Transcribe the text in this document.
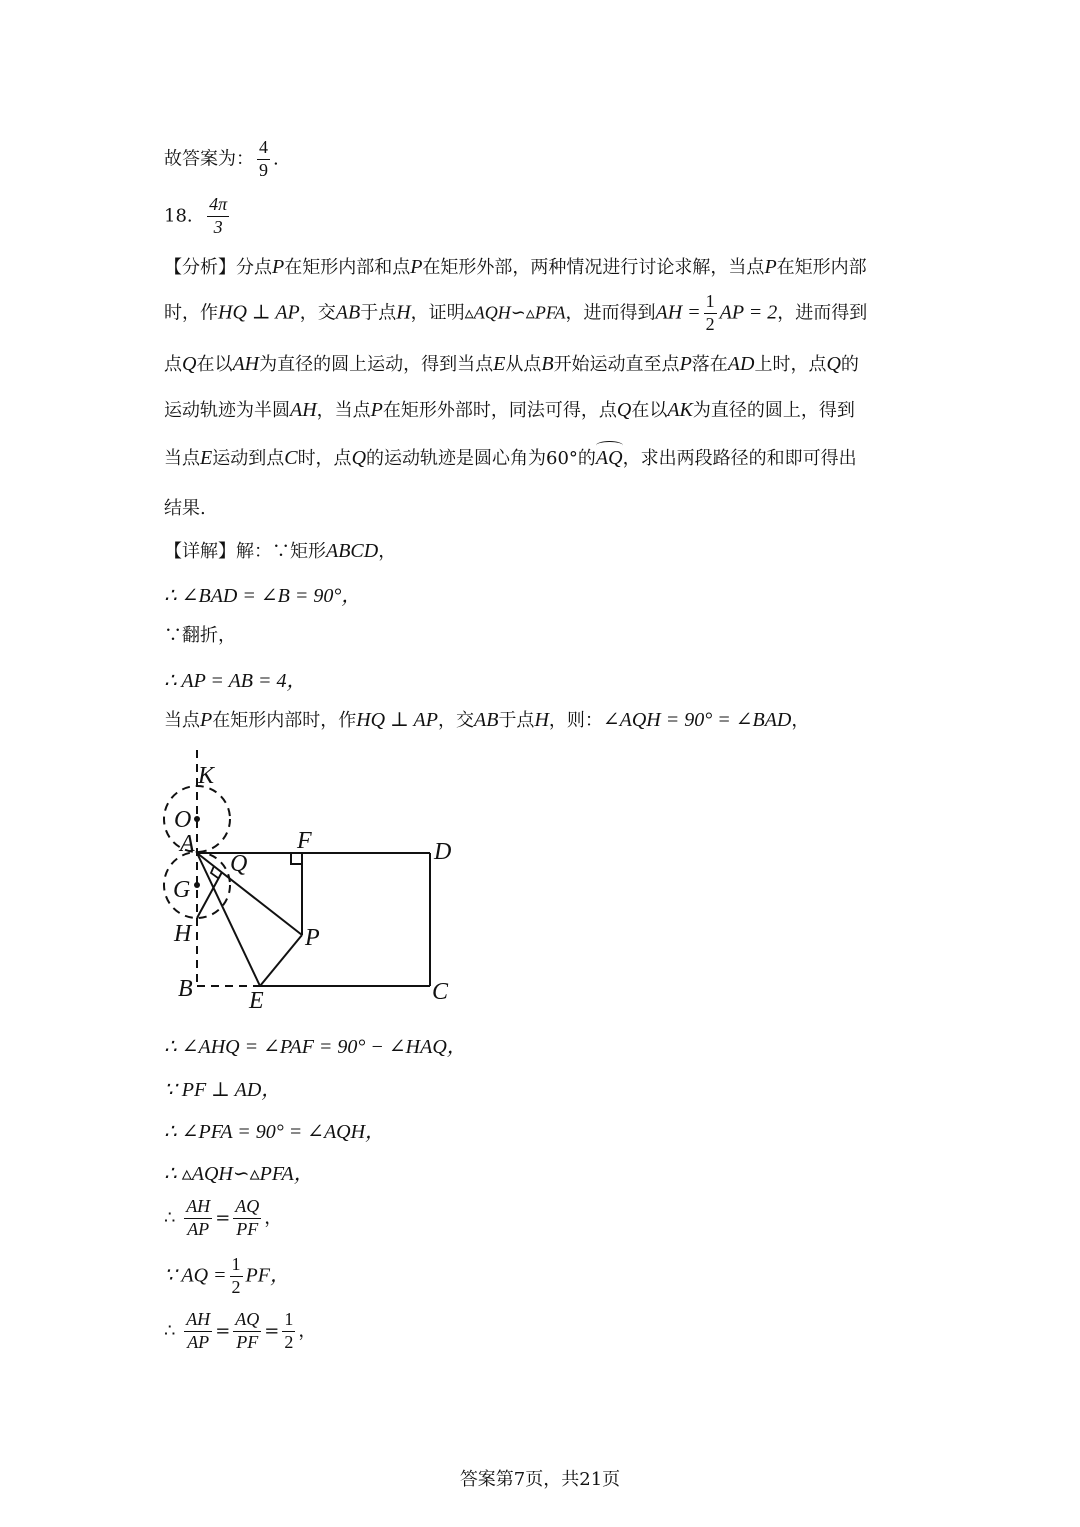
故答案为： $\frac{4}{9}$ .
18. $\frac{4\pi}{3}$
【分析】分点P在矩形内部和点P在矩形外部，两种情况进行讨论求解，当点P在矩形内部
时，作HQ ⊥ AP，交AB于点H，证明▵AQH∽▵PFA，进而得到AH = $\frac{1}{2}$ AP = 2，进而得到
点Q在以AH为直径的圆上运动，得到当点E从点B开始运动直至点P落在AD上时，点Q的
运动轨迹为半圆AH，当点P在矩形外部时，同法可得，点Q在以AK为直径的圆上，得到
当点E运动到点C时，点Q的运动轨迹是圆心角为60°的AQ，求出两段路径的和即可得出
结果.
【详解】解：∵矩形ABCD，
∴ ∠BAD = ∠B = 90°，
∵翻折，
∴ AP = AB = 4，
当点P在矩形内部时，作HQ ⊥ AP，交AB于点H，则：∠AQH = 90° = ∠BAD，
K
O
A	F	D
Q
G
P
H
B E	C
∴ ∠AHQ = ∠PAF = 90° − ∠HAQ，
∵ PF ⊥ AD，
∴ ∠PFA = 90° = ∠AQH，
∴ ▵AQH∽▵PFA，
∴ $\frac{AH}{AP} = \frac{AQ}{PF}$ ，
∵ AQ = $\frac{1}{2}$ PF，
∴ $\frac{AH}{AP} = \frac{AQ}{PF} = \frac{1}{2}$ ，
答案第7页，共21页
